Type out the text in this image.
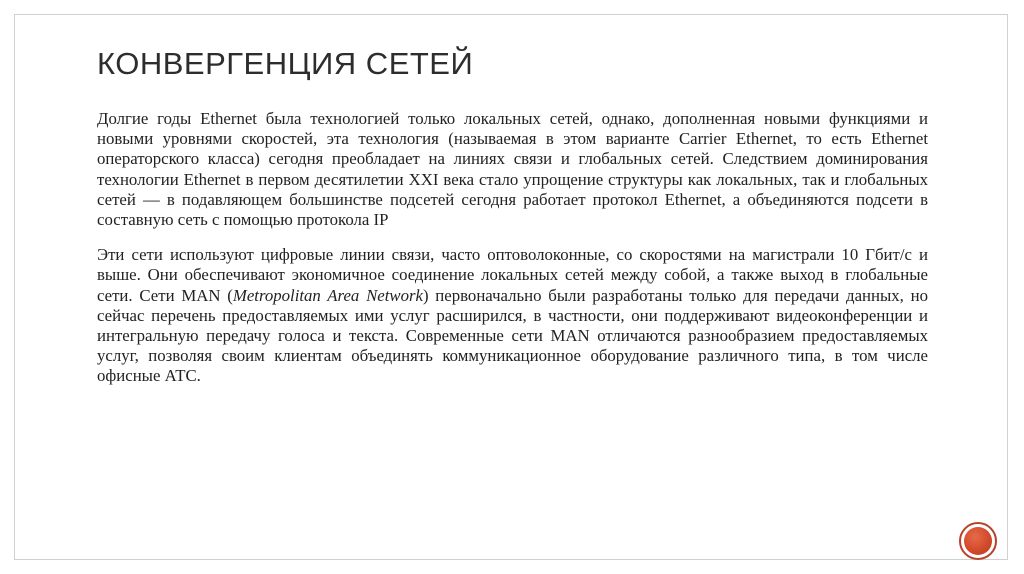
КОНВЕРГЕНЦИЯ СЕТЕЙ

Долгие годы Ethernet была технологией только локальных сетей, однако, дополненная новыми функциями и новыми уровнями скоростей, эта технология (называемая в этом варианте Carrier Ethernet, то есть Ethernet операторского класса) сегодня преобладает на линиях связи и глобальных сетей. Следствием доминирования технологии Ethernet в первом десятилетии XXI века стало упрощение структуры как локальных, так и глобальных сетей — в подавляющем большинстве подсетей сегодня работает протокол Ethernet, а объединяются подсети в составную сеть с помощью протокола IP

Эти сети используют цифровые линии связи, часто оптоволоконные, со скоростями на магистрали 10 Гбит/с и выше. Они обеспечивают экономичное соединение локальных сетей между собой, а также выход в глобальные сети. Сети MAN (Metropolitan Area Network) первоначально были разработаны только для передачи данных, но сейчас перечень предоставляемых ими услуг расширился, в частности, они поддерживают видеоконференции и интегральную передачу голоса и текста. Современные сети MAN отличаются разнообразием предоставляемых услуг, позволяя своим клиентам объединять коммуникационное оборудование различного типа, в том числе офисные АТС.
